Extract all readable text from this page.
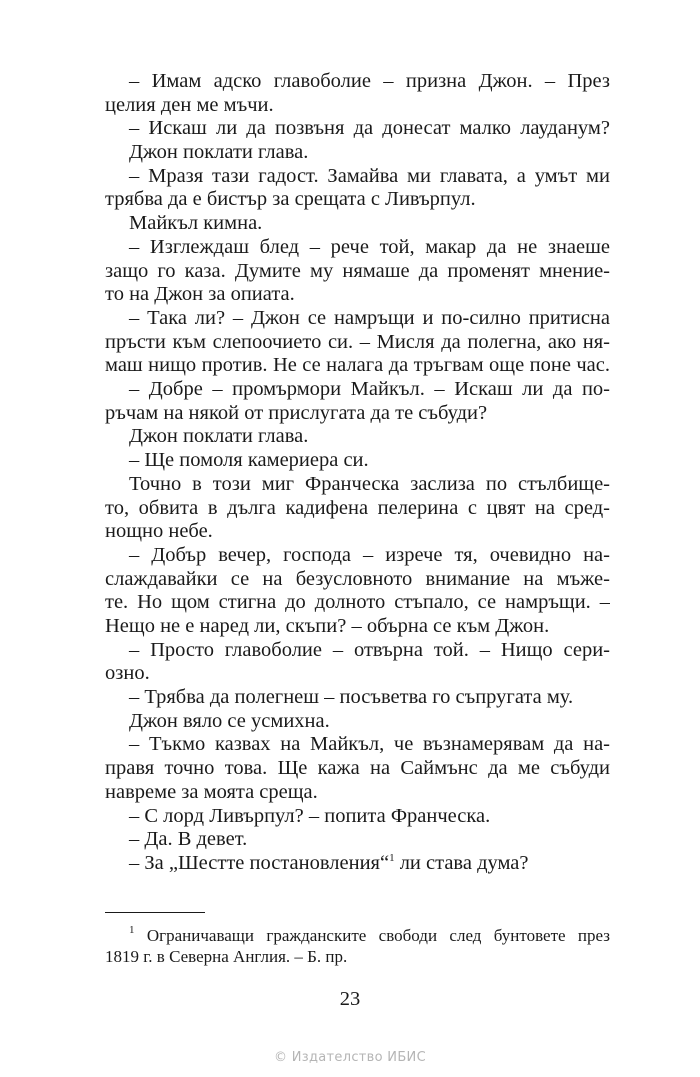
– Имам адско главоболие – призна Джон. – През
целия ден ме мъчи.
– Искаш ли да позвъня да донесат малко лауданум?
Джон поклати глава.
– Мразя тази гадост. Замайва ми главата, а умът ми
трябва да е бистър за срещата с Ливърпул.
Майкъл кимна.
– Изглеждаш блед – рече той, макар да не знаеше
защо го каза. Думите му нямаше да променят мнение-
то на Джон за опиата.
– Така ли? – Джон се намръщи и по-силно притисна
пръсти към слепоочието си. – Мисля да полегна, ако ня-
маш нищо против. Не се налага да тръгвам още поне час.
– Добре – промърмори Майкъл. – Искаш ли да по-
ръчам на някой от прислугата да те събуди?
Джон поклати глава.
– Ще помоля камериера си.
Точно в този миг Франческа заслиза по стълбище-
то, обвита в дълга кадифена пелерина с цвят на сред-
нощно небе.
– Добър вечер, господа – изрече тя, очевидно на-
слаждавайки се на безусловното внимание на мъже-
те. Но щом стигна до долното стъпало, се намръщи. –
Нещо не е наред ли, скъпи? – обърна се към Джон.
– Просто главоболие – отвърна той. – Нищо сери-
озно.
– Трябва да полегнеш – посъветва го съпругата му.
Джон вяло се усмихна.
– Тъкмо казвах на Майкъл, че възнамерявам да на-
правя точно това. Ще кажа на Саймънс да ме събуди
навреме за моята среща.
– С лорд Ливърпул? – попита Франческа.
– Да. В девет.
– За „Шестте постановления“$^1$ ли става дума?
$^1$ Ограничаващи гражданските свободи след бунтовете през
1819 г. в Северна Англия. – Б. пр.
23
© Издателство ИБИС
